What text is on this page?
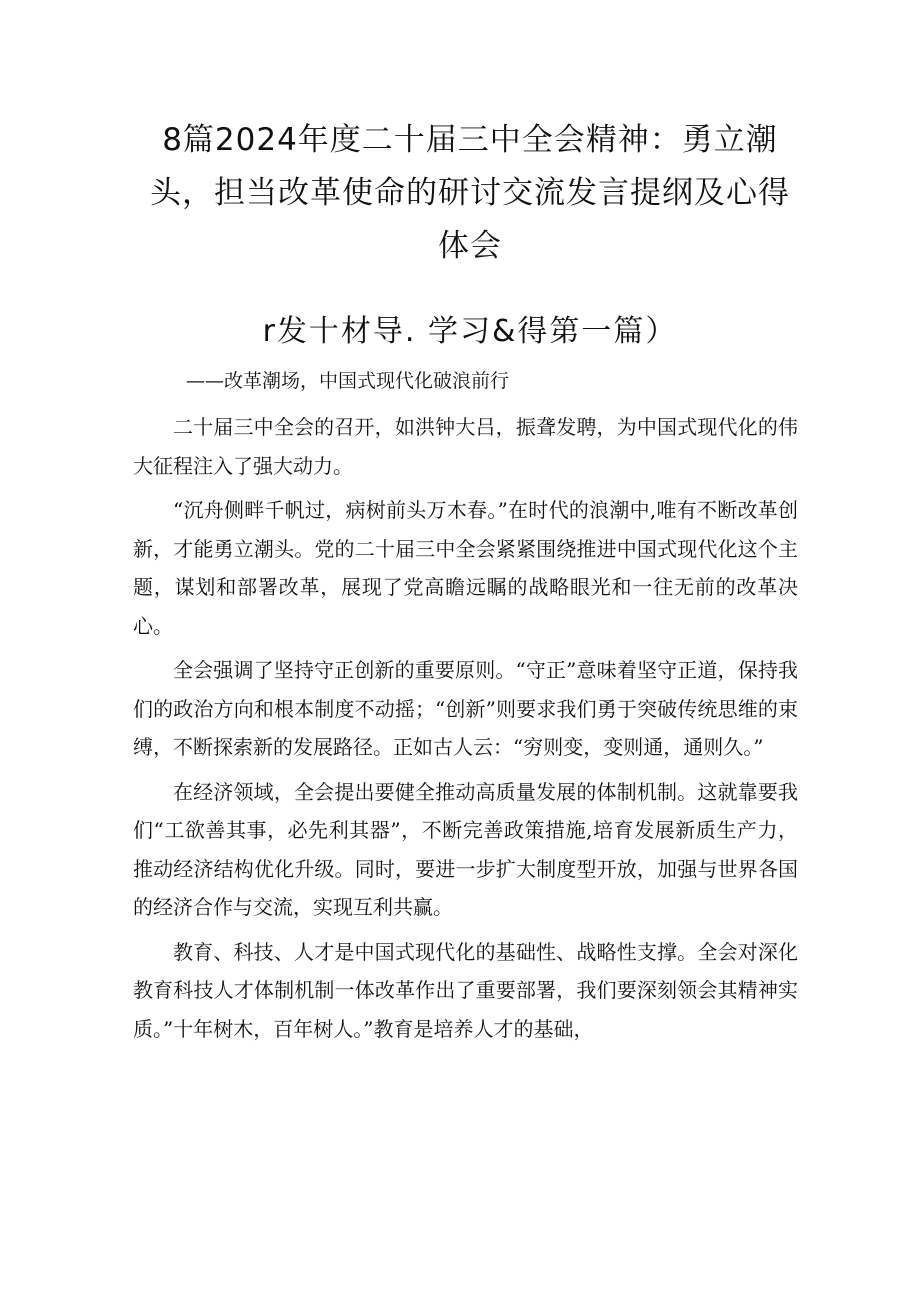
8篇2024年度二十届三中全会精神：勇立潮头，担当改革使命的研讨交流发言提纲及心得体会
r发十材导. 学习&得第一篇）

——改革潮场，中国式现代化破浪前行

二十届三中全会的召开，如洪钟大吕，振聋发聘，为中国式现代化的伟大征程注入了强大动力。

“沉舟侧畔千帆过，病树前头万木春。”在时代的浪潮中,唯有不断改革创新，才能勇立潮头。党的二十届三中全会紧紧围绕推进中国式现代化这个主题，谋划和部署改革，展现了党高瞻远瞩的战略眼光和一往无前的改革决心。

全会强调了坚持守正创新的重要原则。“守正”意味着坚守正道，保持我们的政治方向和根本制度不动摇；“创新”则要求我们勇于突破传统思维的束缚，不断探索新的发展路径。正如古人云：“穷则变，变则通，通则久。”

在经济领域，全会提出要健全推动高质量发展的体制机制。这就靠要我们“工欲善其事，必先利其器”，不断完善政策措施,培育发展新质生产力，推动经济结构优化升级。同时，要进一步扩大制度型开放，加强与世界各国的经济合作与交流，实现互利共赢。

教育、科技、人才是中国式现代化的基础性、战略性支撑。全会对深化教育科技人才体制机制一体改革作出了重要部署，我们要深刻领会其精神实质。”十年树木，百年树人。”教育是培养人才的基础，
